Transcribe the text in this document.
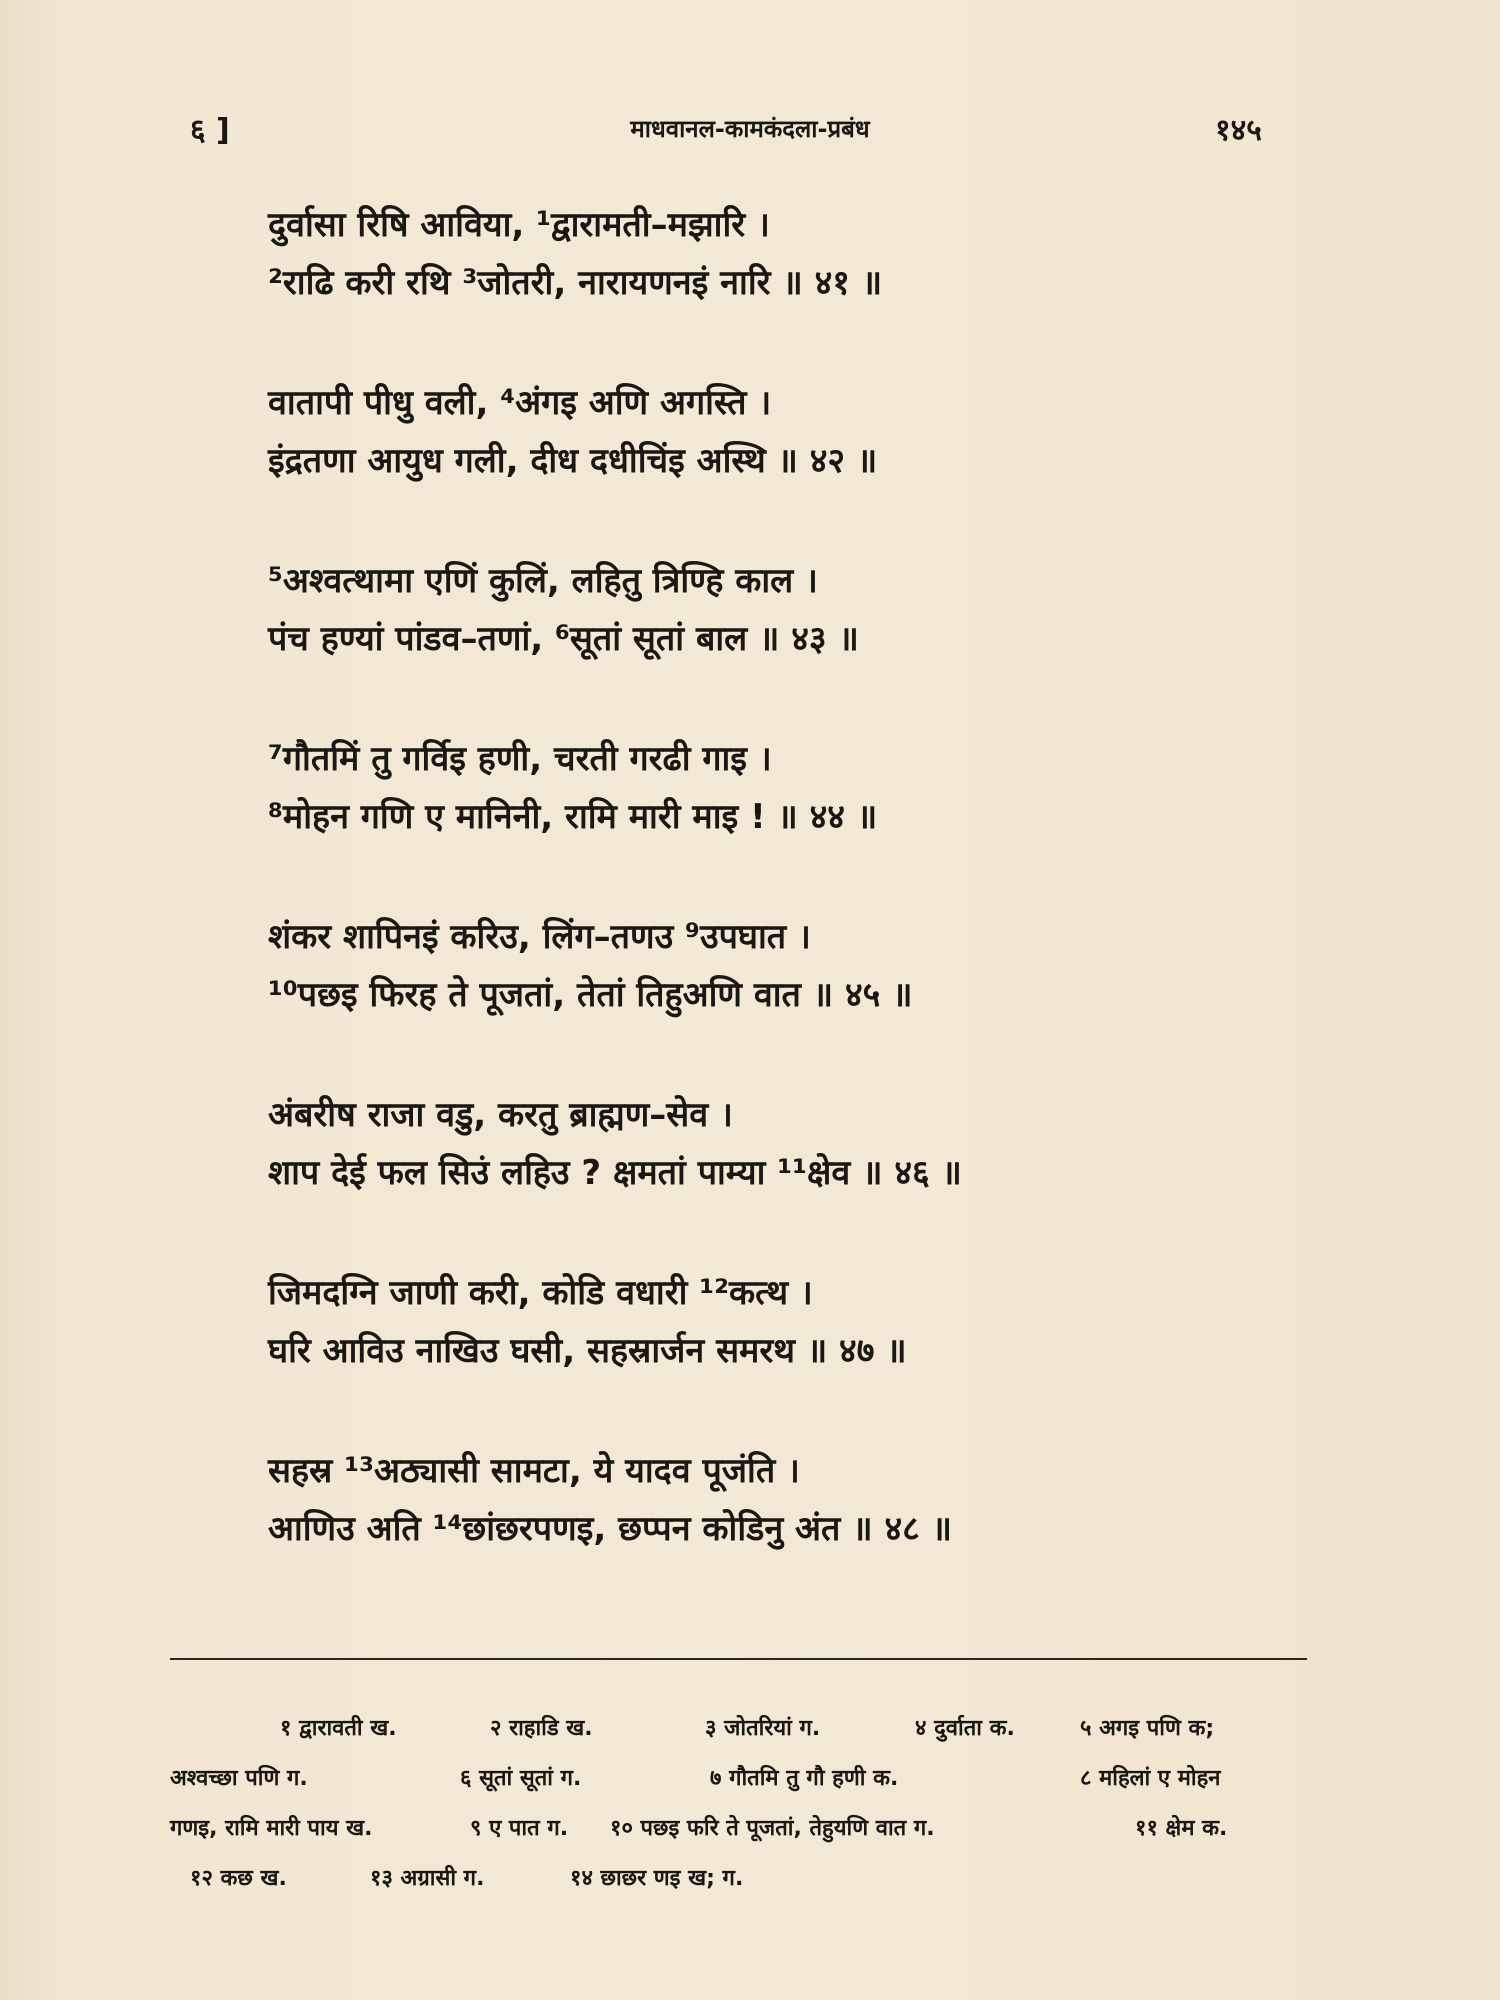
६ ]	माधवानल-कामकंदला-प्रबंध	१४५
दुर्वासा रिषि आविया, ¹द्वारामती–मझारि ।
²राढि करी रथि ³जोतरी, नारायणनइं नारि ॥ ४१ ॥
वातापी पीधु वली, ⁴अंगइ अणि अगस्ति ।
इंद्रतणा आयुध गली, दीध दधीचिंइ अस्थि ॥ ४२ ॥
⁵अश्वत्थामा एणिं कुलिं, लहितु त्रिण्हि काल ।
पंच हण्यां पांडव–तणां, ⁶सूतां सूतां बाल ॥ ४३ ॥
⁷गौतमिं तु गर्विइ हणी, चरती गरढी गाइ ।
⁸मोहन गणि ए मानिनी, रामि मारी माइ ! ॥ ४४ ॥
शंकर शापिनइं करिउ, लिंग–तणउ ⁹उपघात ।
¹⁰पछइ फिरह ते पूजतां, तेतां तिहुअणि वात ॥ ४५ ॥
अंबरीष राजा वडु, करतु ब्राह्मण–सेव ।
शाप देई फल सिउं लहिउ ? क्षमतां पाम्या ¹¹क्षेव ॥ ४६ ॥
जिमदग्नि जाणी करी, कोडि वधारी ¹²कत्थ ।
घरि आविउ नाखिउ घसी, सहस्रार्जन समरथ ॥ ४७ ॥
सहस्र ¹³अठ्यासी सामटा, ये यादव पूजंति ।
आणिउ अति ¹⁴छांछरपणइ, छप्पन कोडिनु अंत ॥ ४८ ॥
१ द्वारावती ख.	२ राहाडि ख.	३ जोतरियां ग.	४ दुर्वाता क.	५ अगइ पणि क;
अश्वच्छा पणि ग.	६ सूतां सूतां ग.	७ गौतमि तु गौ हणी क.	८ महिलां ए मोहन
गणइ, रामि मारी पाय ख.	९ ए पात ग. १० पछइ फरि ते पूजतां, तेहुयणि वात ग.	११ क्षेम क.
१२ कछ ख.	१३ अग्रासी ग.	१४ छाछर णइ ख; ग.
